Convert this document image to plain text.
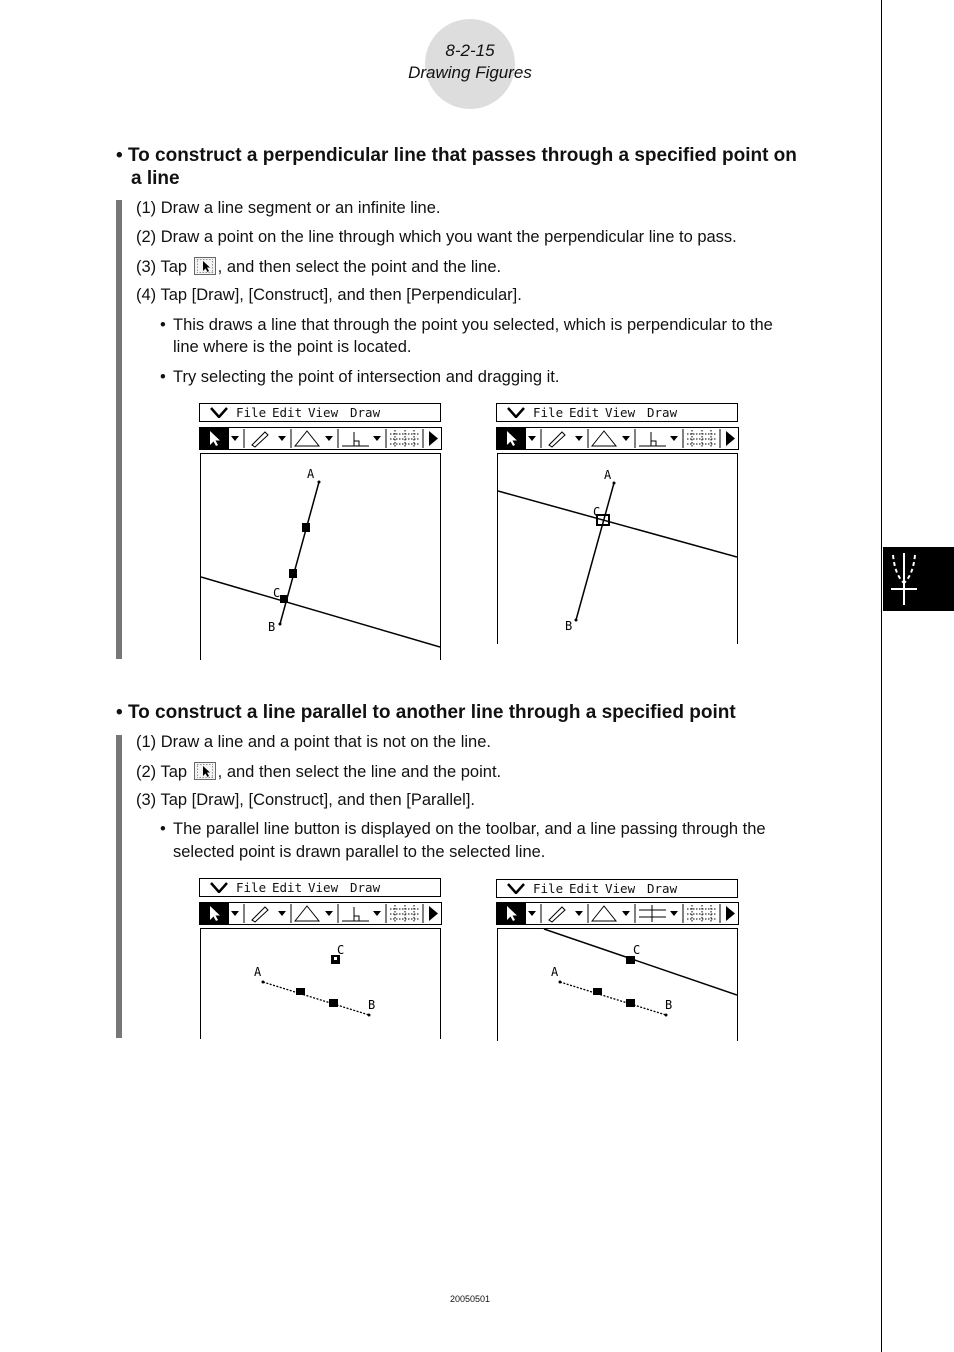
8-2-15
Drawing Figures
• To construct a perpendicular line that passes through a specified point on
a line
(1) Draw a line segment or an infinite line.
(2) Draw a point on the line through which you want the perpendicular line to pass.
(3) Tap , and then select the point and the line.
(4) Tap [Draw], [Construct], and then [Perpendicular].
• This draws a line that through the point you selected, which is perpendicular to the
line where is the point is located.
• Try selecting the point of intersection and dragging it.
File Edit View Draw
A
B
C
File Edit View Draw
A
B
C
• To construct a line parallel to another line through a specified point
(1) Draw a line and a point that is not on the line.
(2) Tap , and then select the line and the point.
(3) Tap [Draw], [Construct], and then [Parallel].
• The parallel line button is displayed on the toolbar, and a line passing through the
selected point is drawn parallel to the selected line.
File Edit View Draw
A
B
C
File Edit View Draw
A
B
C
20050501
